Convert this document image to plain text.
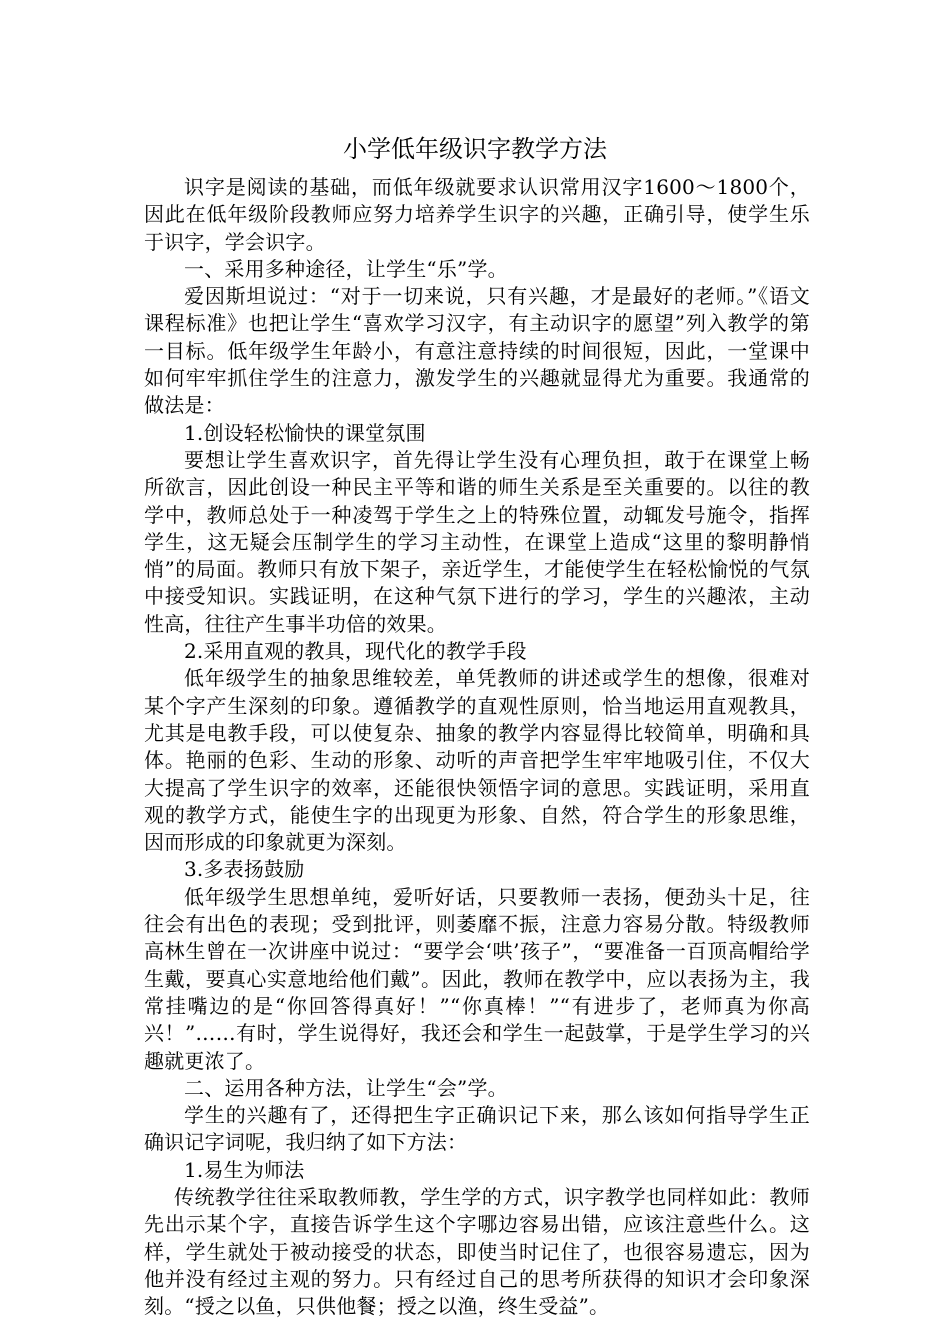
小学低年级识字教学方法

识字是阅读的基础，而低年级就要求认识常用汉字1600～1800个，因此在低年级阶段教师应努力培养学生识字的兴趣，正确引导，使学生乐于识字，学会识字。

一、采用多种途径，让学生“乐”学。

爱因斯坦说过：“对于一切来说，只有兴趣，才是最好的老师。”《语文课程标准》也把让学生“喜欢学习汉字，有主动识字的愿望”列入教学的第一目标。低年级学生年龄小，有意注意持续的时间很短，因此，一堂课中如何牢牢抓住学生的注意力，激发学生的兴趣就显得尤为重要。我通常的做法是：

1.创设轻松愉快的课堂氛围

要想让学生喜欢识字，首先得让学生没有心理负担，敢于在课堂上畅所欲言，因此创设一种民主平等和谐的师生关系是至关重要的。以往的教学中，教师总处于一种凌驾于学生之上的特殊位置，动辄发号施令，指挥学生，这无疑会压制学生的学习主动性，在课堂上造成“这里的黎明静悄悄”的局面。教师只有放下架子，亲近学生，才能使学生在轻松愉悦的气氛中接受知识。实践证明，在这种气氛下进行的学习，学生的兴趣浓，主动性高，往往产生事半功倍的效果。

2.采用直观的教具，现代化的教学手段

低年级学生的抽象思维较差，单凭教师的讲述或学生的想像，很难对某个字产生深刻的印象。遵循教学的直观性原则，恰当地运用直观教具，尤其是电教手段，可以使复杂、抽象的教学内容显得比较简单，明确和具体。艳丽的色彩、生动的形象、动听的声音把学生牢牢地吸引住，不仅大大提高了学生识字的效率，还能很快领悟字词的意思。实践证明，采用直观的教学方式，能使生字的出现更为形象、自然，符合学生的形象思维，因而形成的印象就更为深刻。

3.多表扬鼓励

低年级学生思想单纯，爱听好话，只要教师一表扬，便劲头十足，往往会有出色的表现；受到批评，则萎靡不振，注意力容易分散。特级教师高林生曾在一次讲座中说过：“要学会‘哄’孩子”，“要准备一百顶高帽给学生戴，要真心实意地给他们戴”。因此，教师在教学中，应以表扬为主，我常挂嘴边的是“你回答得真好！”“你真棒！”“有进步了，老师真为你高兴！”……有时，学生说得好，我还会和学生一起鼓掌，于是学生学习的兴趣就更浓了。

二、运用各种方法，让学生“会”学。

学生的兴趣有了，还得把生字正确识记下来，那么该如何指导学生正确识记字词呢，我归纳了如下方法：

1.易生为师法

传统教学往往采取教师教，学生学的方式，识字教学也同样如此：教师先出示某个字，直接告诉学生这个字哪边容易出错，应该注意些什么。这样，学生就处于被动接受的状态，即使当时记住了，也很容易遗忘，因为他并没有经过主观的努力。只有经过自己的思考所获得的知识才会印象深刻。“授之以鱼，只供他餐；授之以渔，终生受益”。
